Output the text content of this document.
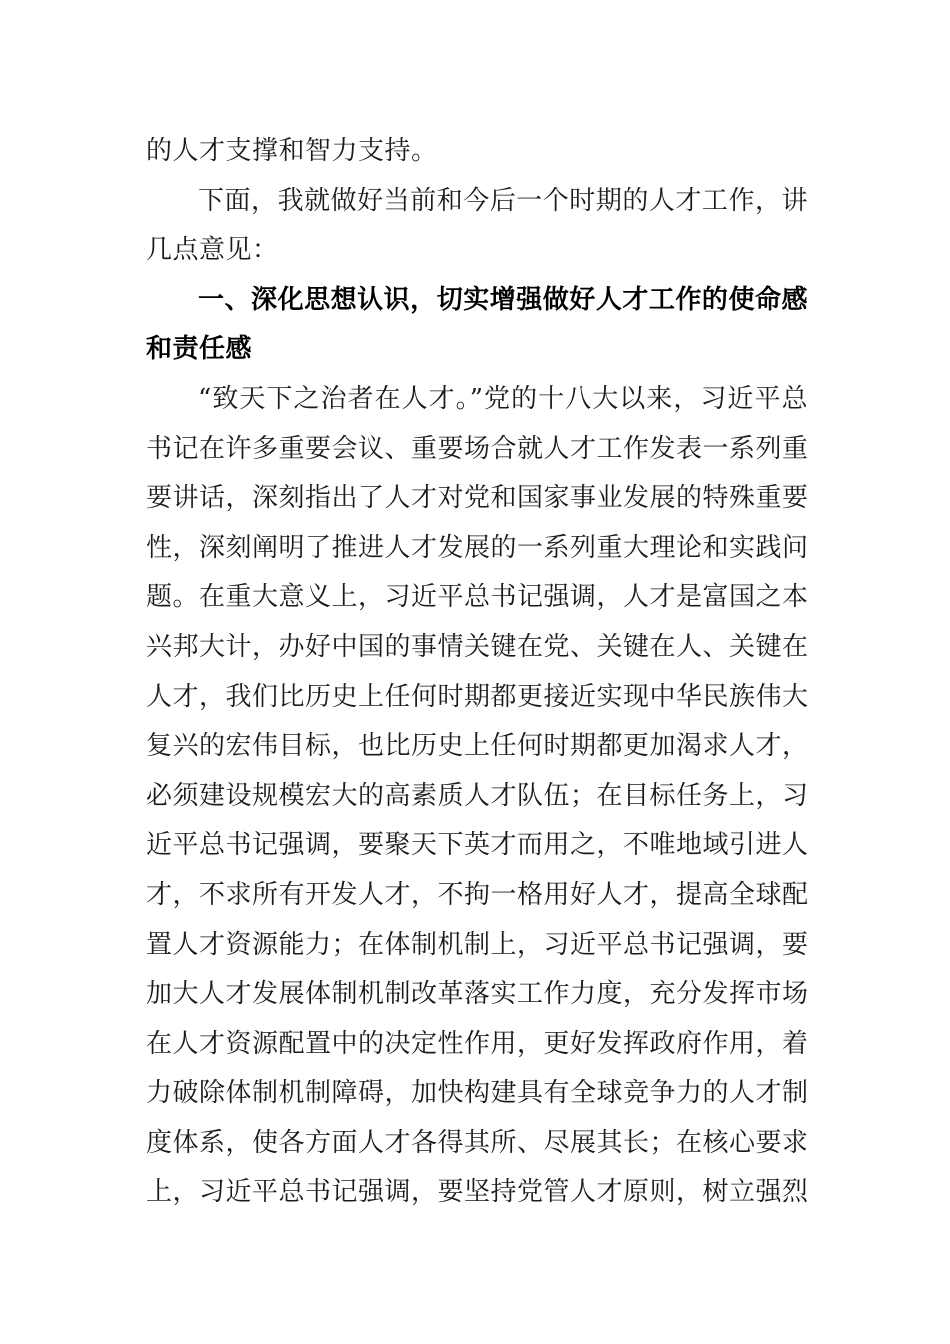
的人才支撑和智力支持。
下面，我就做好当前和今后一个时期的人才工作，讲
几点意见：
一、深化思想认识，切实增强做好人才工作的使命感
和责任感
“致天下之治者在人才。”党的十八大以来，习近平总
书记在许多重要会议、重要场合就人才工作发表一系列重
要讲话，深刻指出了人才对党和国家事业发展的特殊重要
性，深刻阐明了推进人才发展的一系列重大理论和实践问
题。在重大意义上，习近平总书记强调，人才是富国之本
兴邦大计，办好中国的事情关键在党、关键在人、关键在
人才，我们比历史上任何时期都更接近实现中华民族伟大
复兴的宏伟目标，也比历史上任何时期都更加渴求人才，
必须建设规模宏大的高素质人才队伍；在目标任务上，习
近平总书记强调，要聚天下英才而用之，不唯地域引进人
才，不求所有开发人才，不拘一格用好人才，提高全球配
置人才资源能力；在体制机制上，习近平总书记强调，要
加大人才发展体制机制改革落实工作力度，充分发挥市场
在人才资源配置中的决定性作用，更好发挥政府作用，着
力破除体制机制障碍，加快构建具有全球竞争力的人才制
度体系，使各方面人才各得其所、尽展其长；在核心要求
上，习近平总书记强调，要坚持党管人才原则，树立强烈
